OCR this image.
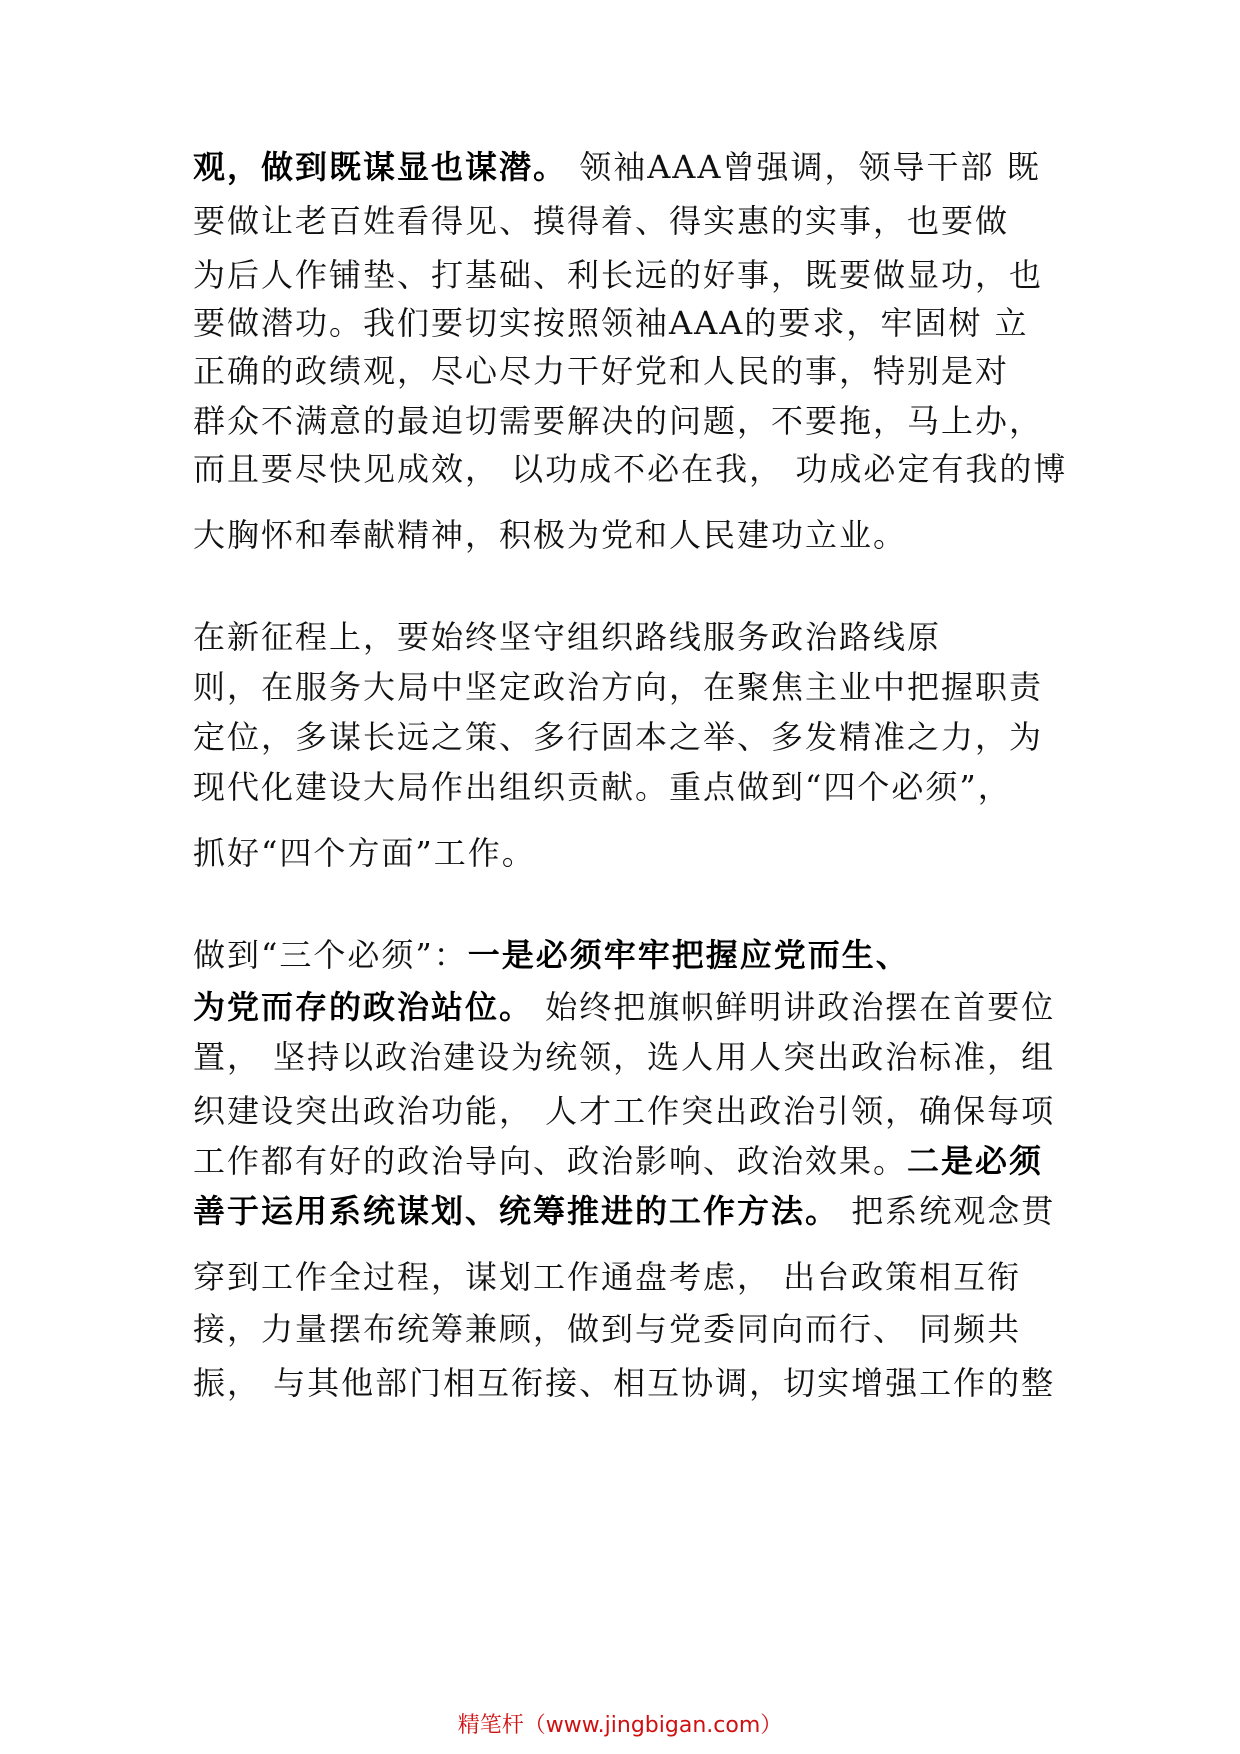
观，做到既谋显也谋潜。 领袖AAA曾强调，领导干部 既
要做让老百姓看得见、摸得着、得实惠的实事，也要做
为后人作铺垫、打基础、利长远的好事，既要做显功，也
要做潜功。我们要切实按照领袖AAA的要求，牢固树 立
正确的政绩观，尽心尽力干好党和人民的事，特别是对
群众不满意的最迫切需要解决的问题，不要拖，马上办，
而且要尽快见成效， 以功成不必在我， 功成必定有我的博
大胸怀和奉献精神，积极为党和人民建功立业。
在新征程上，要始终坚守组织路线服务政治路线原
则，在服务大局中坚定政治方向，在聚焦主业中把握职责
定位，多谋长远之策、多行固本之举、多发精准之力，为
现代化建设大局作出组织贡献。重点做到“四个必须”，
抓好“四个方面”工作。
做到“三个必须”：一是必须牢牢把握应党而生、
为党而存的政治站位。 始终把旗帜鲜明讲政治摆在首要位
置， 坚持以政治建设为统领，选人用人突出政治标准，组
织建设突出政治功能， 人才工作突出政治引领，确保每项
工作都有好的政治导向、政治影响、政治效果。二是必须
善于运用系统谋划、统筹推进的工作方法。 把系统观念贯
穿到工作全过程，谋划工作通盘考虑， 出台政策相互衔
接，力量摆布统筹兼顾，做到与党委同向而行、 同频共
振， 与其他部门相互衔接、相互协调，切实增强工作的整
精笔杆（www.jingbigan.com）
